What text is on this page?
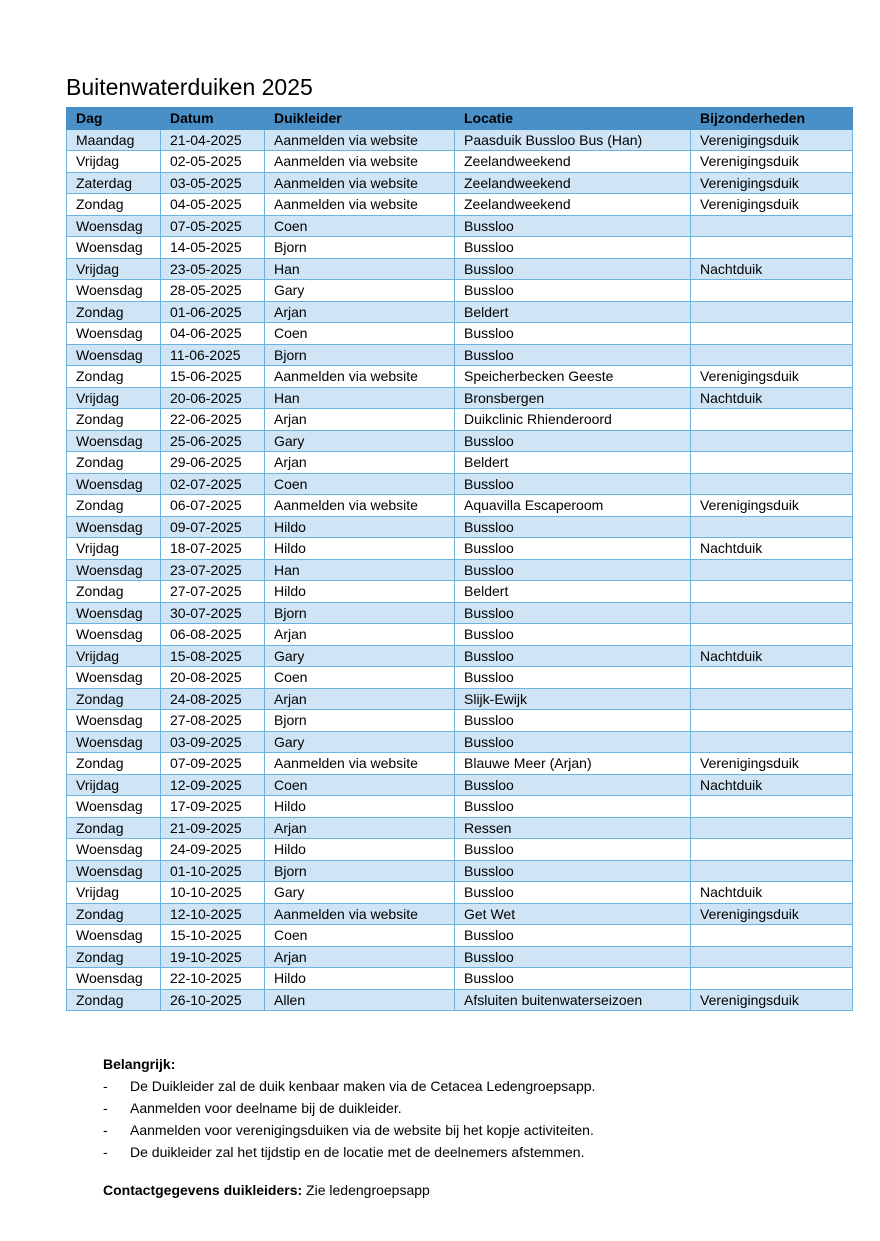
Buitenwaterduiken 2025
Dag	Datum	Duikleider	Locatie	Bijzonderheden
Maandag	21-04-2025	Aanmelden via website	Paasduik Bussloo Bus (Han)	Verenigingsduik
Vrijdag	02-05-2025	Aanmelden via website	Zeelandweekend	Verenigingsduik
Zaterdag	03-05-2025	Aanmelden via website	Zeelandweekend	Verenigingsduik
Zondag	04-05-2025	Aanmelden via website	Zeelandweekend	Verenigingsduik
Woensdag	07-05-2025	Coen	Bussloo	
Woensdag	14-05-2025	Bjorn	Bussloo	
Vrijdag	23-05-2025	Han	Bussloo	Nachtduik
Woensdag	28-05-2025	Gary	Bussloo	
Zondag	01-06-2025	Arjan	Beldert	
Woensdag	04-06-2025	Coen	Bussloo	
Woensdag	11-06-2025	Bjorn	Bussloo	
Zondag	15-06-2025	Aanmelden via website	Speicherbecken Geeste	Verenigingsduik
Vrijdag	20-06-2025	Han	Bronsbergen	Nachtduik
Zondag	22-06-2025	Arjan	Duikclinic Rhienderoord	
Woensdag	25-06-2025	Gary	Bussloo	
Zondag	29-06-2025	Arjan	Beldert	
Woensdag	02-07-2025	Coen	Bussloo	
Zondag	06-07-2025	Aanmelden via website	Aquavilla Escaperoom	Verenigingsduik
Woensdag	09-07-2025	Hildo	Bussloo	
Vrijdag	18-07-2025	Hildo	Bussloo	Nachtduik
Woensdag	23-07-2025	Han	Bussloo	
Zondag	27-07-2025	Hildo	Beldert	
Woensdag	30-07-2025	Bjorn	Bussloo	
Woensdag	06-08-2025	Arjan	Bussloo	
Vrijdag	15-08-2025	Gary	Bussloo	Nachtduik
Woensdag	20-08-2025	Coen	Bussloo	
Zondag	24-08-2025	Arjan	Slijk-Ewijk	
Woensdag	27-08-2025	Bjorn	Bussloo	
Woensdag	03-09-2025	Gary	Bussloo	
Zondag	07-09-2025	Aanmelden via website	Blauwe Meer (Arjan)	Verenigingsduik
Vrijdag	12-09-2025	Coen	Bussloo	Nachtduik
Woensdag	17-09-2025	Hildo	Bussloo	
Zondag	21-09-2025	Arjan	Ressen	
Woensdag	24-09-2025	Hildo	Bussloo	
Woensdag	01-10-2025	Bjorn	Bussloo	
Vrijdag	10-10-2025	Gary	Bussloo	Nachtduik
Zondag	12-10-2025	Aanmelden via website	Get Wet	Verenigingsduik
Woensdag	15-10-2025	Coen	Bussloo	
Zondag	19-10-2025	Arjan	Bussloo	
Woensdag	22-10-2025	Hildo	Bussloo	
Zondag	26-10-2025	Allen	Afsluiten buitenwaterseizoen	Verenigingsduik
Belangrijk:
- De Duikleider zal de duik kenbaar maken via de Cetacea Ledengroepsapp.
- Aanmelden voor deelname bij de duikleider.
- Aanmelden voor verenigingsduiken via de website bij het kopje activiteiten.
- De duikleider zal het tijdstip en de locatie met de deelnemers afstemmen.
Contactgegevens duikleiders: Zie ledengroepsapp
